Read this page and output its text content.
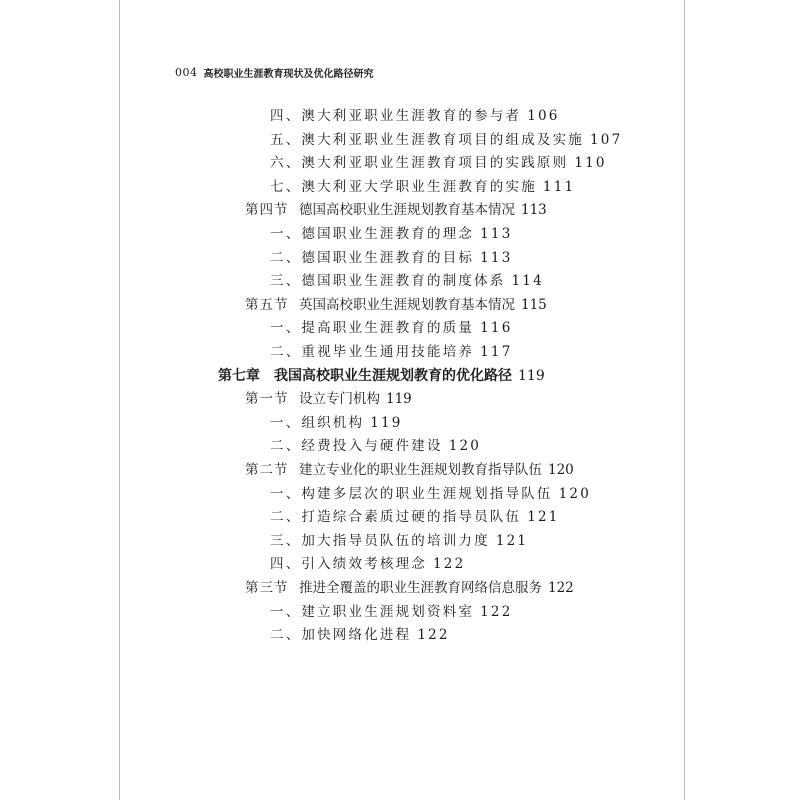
004 高校职业生涯教育现状及优化路径研究
四、澳大利亚职业生涯教育的参与者 106
五、澳大利亚职业生涯教育项目的组成及实施 107
六、澳大利亚职业生涯教育项目的实践原则 110
七、澳大利亚大学职业生涯教育的实施 111
第四节 德国高校职业生涯规划教育基本情况 113
一、德国职业生涯教育的理念 113
二、德国职业生涯教育的目标 113
三、德国职业生涯教育的制度体系 114
第五节 英国高校职业生涯规划教育基本情况 115
一、提高职业生涯教育的质量 116
二、重视毕业生通用技能培养 117
第七章 我国高校职业生涯规划教育的优化路径 119
第一节 设立专门机构 119
一、组织机构 119
二、经费投入与硬件建设 120
第二节 建立专业化的职业生涯规划教育指导队伍 120
一、构建多层次的职业生涯规划指导队伍 120
二、打造综合素质过硬的指导员队伍 121
三、加大指导员队伍的培训力度 121
四、引入绩效考核理念 122
第三节 推进全覆盖的职业生涯教育网络信息服务 122
一、建立职业生涯规划资料室 122
二、加快网络化进程 122
